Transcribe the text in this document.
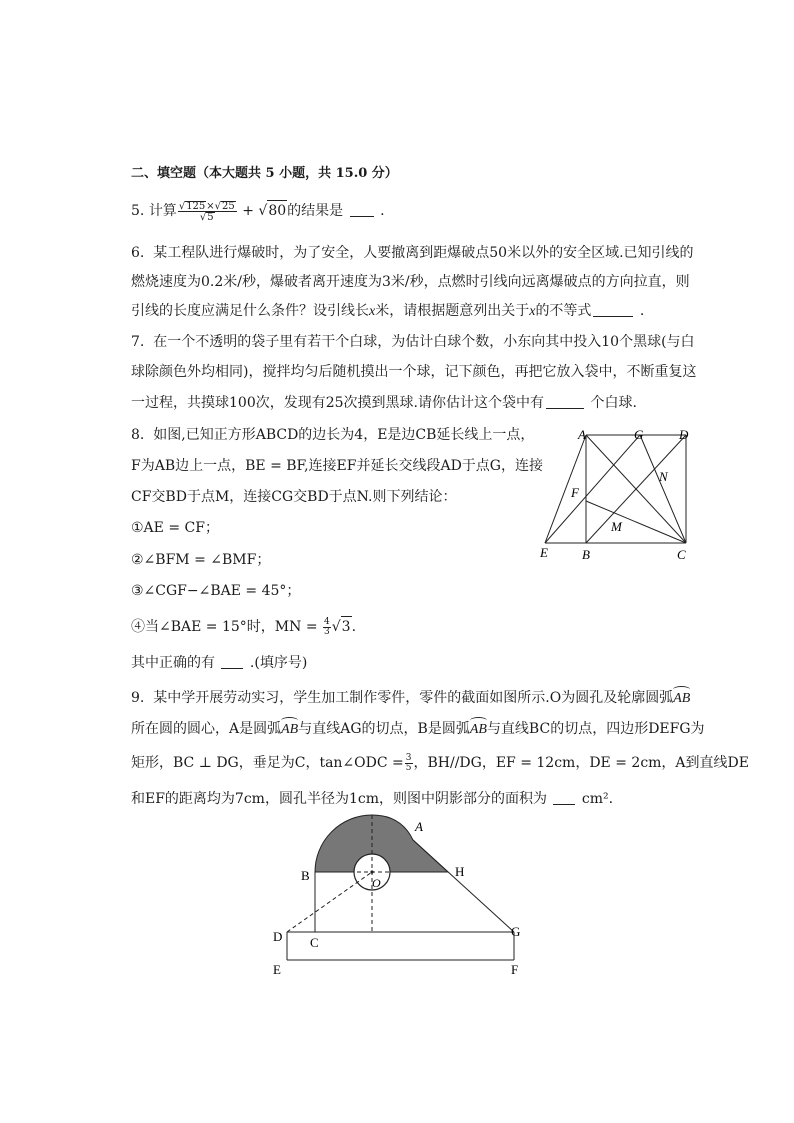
二、填空题（本大题共 5 小题，共 15.0 分）
5. 计算 $\frac{√125\times√25}{√5} + √80$的结果是	.
6. 某工程队进行爆破时，为了安全，人要撤离到距爆破点50米以外的安全区域.已知引线的
燃烧速度为0.2米/秒，爆破者离开速度为3米/秒，点燃时引线向远离爆破点的方向拉直，则
引线的长度应满足什么条件？设引线长x米，请根据题意列出关于x的不等式	.
7. 在一个不透明的袋子里有若干个白球，为估计白球个数，小东向其中投入10个黑球(与白
球除颜色外均相同)，搅拌均匀后随机摸出一个球，记下颜色，再把它放入袋中，不断重复这
一过程，共摸球100次，发现有25次摸到黑球.请你估计这个袋中有	个白球.
8. 如图,已知正方形ABCD的边长为4，E是边CB延长线上一点，
F为AB边上一点，BE = BF,连接EF并延长交线段AD于点G，连接
CF交BD于点M，连接CG交BD于点N.则下列结论：
①AE = CF；
②∠BFM = ∠BMF；
③∠CGF−∠BAE = 45°；
④当∠BAE = 15°时，MN = $\frac{4}{3} √3$.
其中正确的有 .(填序号)
A	G	D
N
F
M
E	B	C
9. 某中学开展劳动实习，学生加工制作零件，零件的截面如图所示.O为圆孔及轮廓圆弧AB
所在圆的圆心，A是圆弧AB与直线AG的切点，B是圆弧AB与直线BC的切点，四边形DEFG为
矩形，BC ⊥ DG，垂足为C，tan∠ODC = $\frac{3}{5}$ ，BH//DG，EF = 12cm，DE = 2cm，A到直线DE
和EF的距离均为7cm，圆孔半径为1cm，则图中阴影部分的面积为 cm².
A
B	O
H
D C
G
E	F
